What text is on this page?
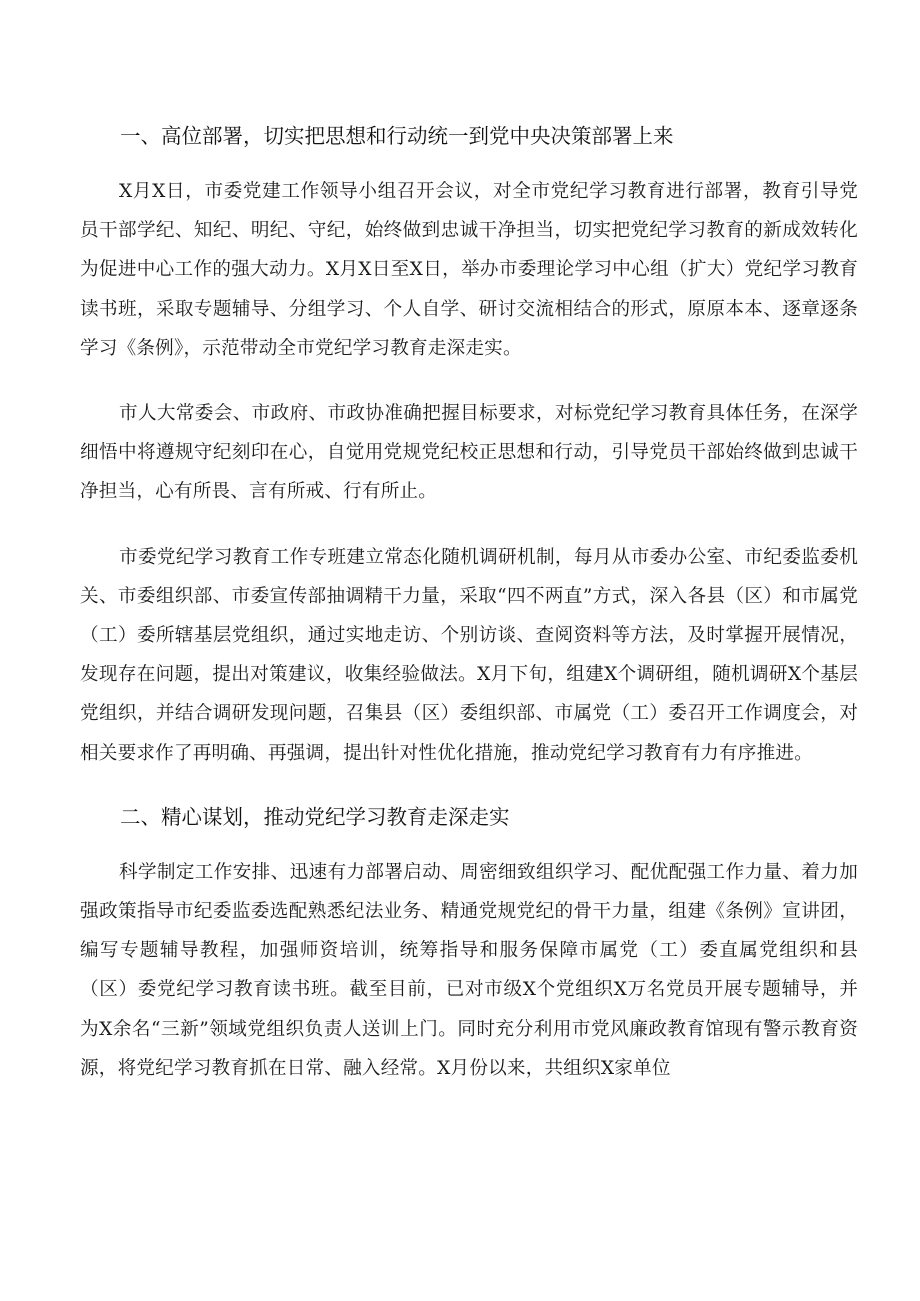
一、高位部署，切实把思想和行动统一到党中央决策部署上来

X月X日，市委党建工作领导小组召开会议，对全市党纪学习教育进行部署，教育引导党员干部学纪、知纪、明纪、守纪，始终做到忠诚干净担当，切实把党纪学习教育的新成效转化为促进中心工作的强大动力。X月X日至X日，举办市委理论学习中心组（扩大）党纪学习教育读书班，采取专题辅导、分组学习、个人自学、研讨交流相结合的形式，原原本本、逐章逐条学习《条例》，示范带动全市党纪学习教育走深走实。

市人大常委会、市政府、市政协准确把握目标要求，对标党纪学习教育具体任务，在深学细悟中将遵规守纪刻印在心，自觉用党规党纪校正思想和行动，引导党员干部始终做到忠诚干净担当，心有所畏、言有所戒、行有所止。

市委党纪学习教育工作专班建立常态化随机调研机制，每月从市委办公室、市纪委监委机关、市委组织部、市委宣传部抽调精干力量，采取“四不两直”方式，深入各县（区）和市属党（工）委所辖基层党组织，通过实地走访、个别访谈、查阅资料等方法，及时掌握开展情况，发现存在问题，提出对策建议，收集经验做法。X月下旬，组建X个调研组，随机调研X个基层党组织，并结合调研发现问题，召集县（区）委组织部、市属党（工）委召开工作调度会，对相关要求作了再明确、再强调，提出针对性优化措施，推动党纪学习教育有力有序推进。

二、精心谋划，推动党纪学习教育走深走实

科学制定工作安排、迅速有力部署启动、周密细致组织学习、配优配强工作力量、着力加强政策指导市纪委监委选配熟悉纪法业务、精通党规党纪的骨干力量，组建《条例》宣讲团，编写专题辅导教程，加强师资培训，统筹指导和服务保障市属党（工）委直属党组织和县（区）委党纪学习教育读书班。截至目前，已对市级X个党组织X万名党员开展专题辅导，并为X余名“三新”领域党组织负责人送训上门。同时充分利用市党风廉政教育馆现有警示教育资源，将党纪学习教育抓在日常、融入经常。X月份以来，共组织X家单位
